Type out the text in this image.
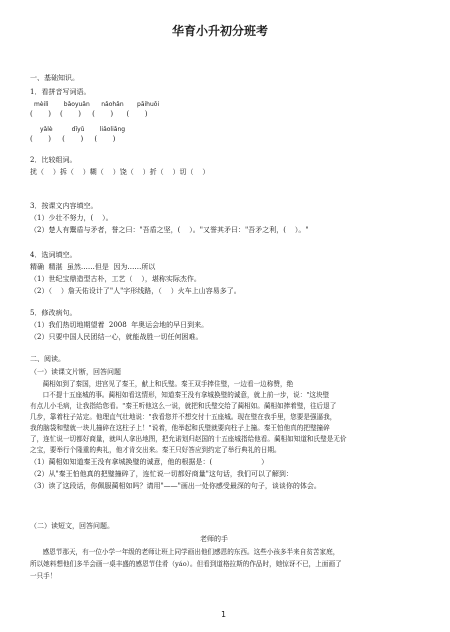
华育小升初分班考
一、基础知识。
1．看拼音写词语。
mèilì        bǎoyuǎn      nǎohǎn       pāihuōi
(       )    (       )     (       )      (       )
yǎlè          dīyǔ        liǎoliǎng
(       )     (       )     (       )
2．比较组词。
扰（    ）拆（    ）糊（    ）饶（    ）折（    ）切（    ）
3．按课文内容填空。
（1）少壮不努力，(    ）。
（2）楚人有鬻盾与矛者，誉之曰："吾盾之坚，(    ）。"又誉其矛曰："吾矛之利，(    ）。"
4．选词填空。
精确  精湛  虽然……但是  因为……所以
（1）世纪宝鼎造型古朴，工艺（    ），堪称实际杰作。
（2）（    ）詹天佑设计了"人"字形线路，（    ）火车上山容易多了。
5．修改病句。
（1）我们热切地期望着  2008  年奥运会地的早日到来。
（2）只要中国人民团结一心，就能战胜一切任何困难。
二、阅读。
（一）读课文片断，回答问题
蔺相如到了秦国，进宫见了秦王，献上和氏璧。秦王双手捧住璧，一边看一边称赞，绝
口不提十五座城的事。蔺相如看这情形，知道秦王没有拿城换璧的诚意，就上前一步，说："这块璧
有点儿小毛病，让我指给您看。"秦王听他这么一说，就把和氏璧交给了蔺相如。蔺相如捧着璧，往后退了
几步，靠着柱子站定。他理直气壮地说："我看您并不想交付十五座城。现在璧在我手里，您要是强逼我，
我的脑袋和璧就一块儿撞碎在这柱子上！"说着，他举起和氏璧就要向柱子上撞。秦王怕他真的把璧撞碎
了，连忙说一切都好商量，就叫人拿出地图，把允诺划归赵国的十五座城指给他看。蔺相如知道和氏璧是无价
之宝，要举行个隆重的典礼，他才肯交出来。秦王只好答应到约定了举行典礼的日期。
（1）蔺相如知道秦王没有拿城换璧的诚意，他的根据是：(                      ）
（2）从"秦王怕他真的把璧撞碎了，连忙说一切都好商量"这句话，我们可以了解到：
（3）读了这段话，你佩服蔺相如吗？请用"——"画出一处你感受最深的句子，谈谈你的体会。
（二）读短文，回答问题。
老师的手
感恩节那天，有一位小学一年级的老师让班上同学画出他们感恩的东西。这些小孩多半来自贫苦家庭，
所以她料想他们多半会画一桌丰盛的感恩节佳肴（yáo）。但看到道格拉斯的作品时，她惊讶不已，上面画了
一只手！
1
